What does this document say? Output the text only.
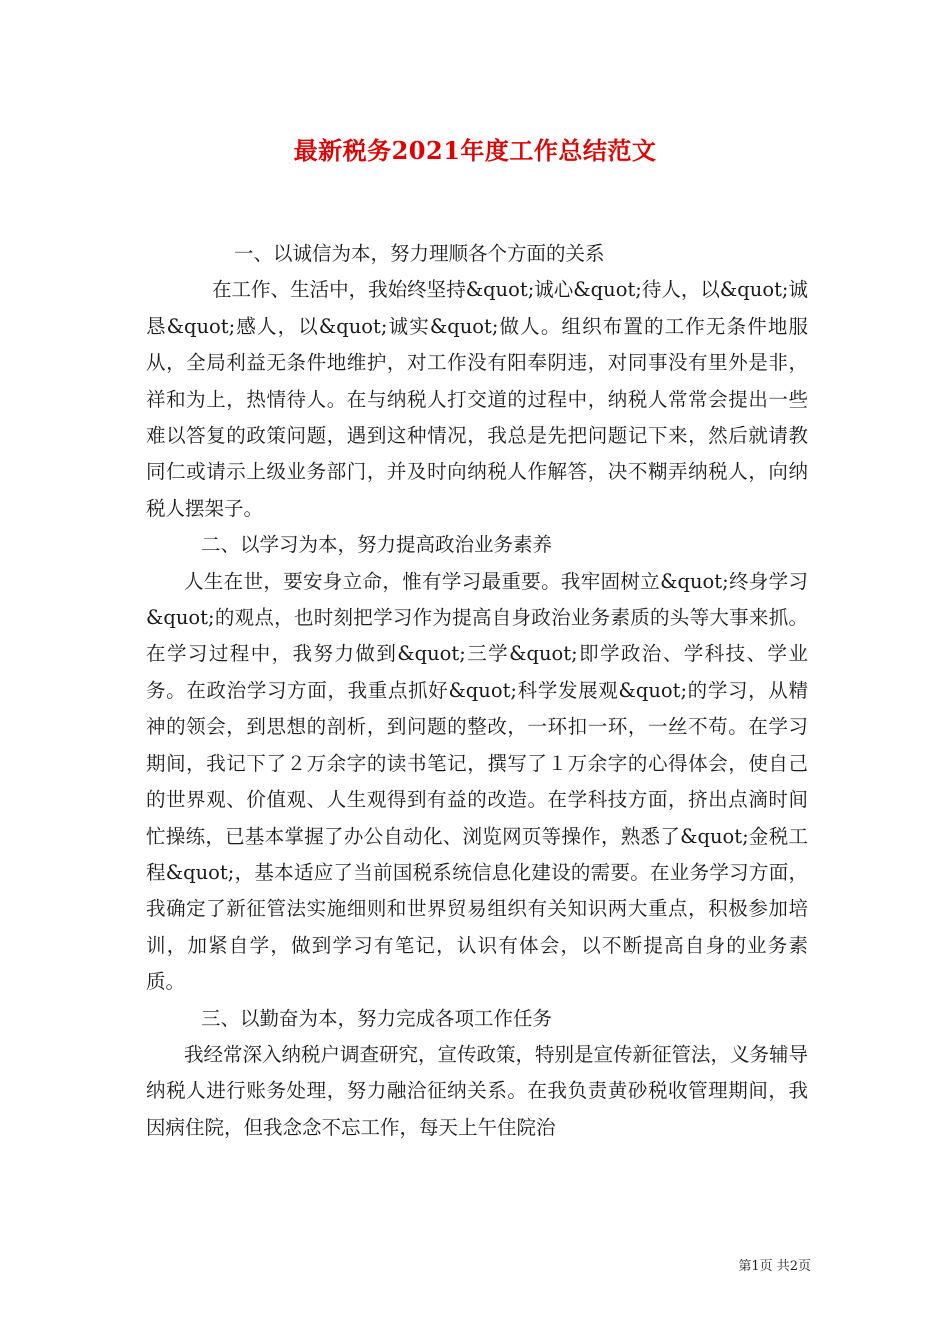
最新税务2021年度工作总结范文

一、以诚信为本，努力理顺各个方面的关系

在工作、生活中，我始终坚持&quot;诚心&quot;待人，以&quot;诚恳&quot;感人，以&quot;诚实&quot;做人。组织布置的工作无条件地服从，全局利益无条件地维护，对工作没有阳奉阴违，对同事没有里外是非，祥和为上，热情待人。在与纳税人打交道的过程中，纳税人常常会提出一些难以答复的政策问题，遇到这种情况，我总是先把问题记下来，然后就请教同仁或请示上级业务部门，并及时向纳税人作解答，决不糊弄纳税人，向纳税人摆架子。

二、以学习为本，努力提高政治业务素养

人生在世，要安身立命，惟有学习最重要。我牢固树立&quot;终身学习&quot;的观点，也时刻把学习作为提高自身政治业务素质的头等大事来抓。在学习过程中，我努力做到&quot;三学&quot;即学政治、学科技、学业务。在政治学习方面，我重点抓好&quot;科学发展观&quot;的学习，从精神的领会，到思想的剖析，到问题的整改，一环扣一环，一丝不苟。在学习期间，我记下了２万余字的读书笔记，撰写了１万余字的心得体会，使自己的世界观、价值观、人生观得到有益的改造。在学科技方面，挤出点滴时间忙操练，已基本掌握了办公自动化、浏览网页等操作，熟悉了&quot;金税工程&quot;，基本适应了当前国税系统信息化建设的需要。在业务学习方面，我确定了新征管法实施细则和世界贸易组织有关知识两大重点，积极参加培训，加紧自学，做到学习有笔记，认识有体会，以不断提高自身的业务素质。

三、以勤奋为本，努力完成各项工作任务

我经常深入纳税户调查研究，宣传政策，特别是宣传新征管法，义务辅导纳税人进行账务处理，努力融洽征纳关系。在我负责黄砂税收管理期间，我因病住院，但我念念不忘工作，每天上午住院治

第1页 共2页
